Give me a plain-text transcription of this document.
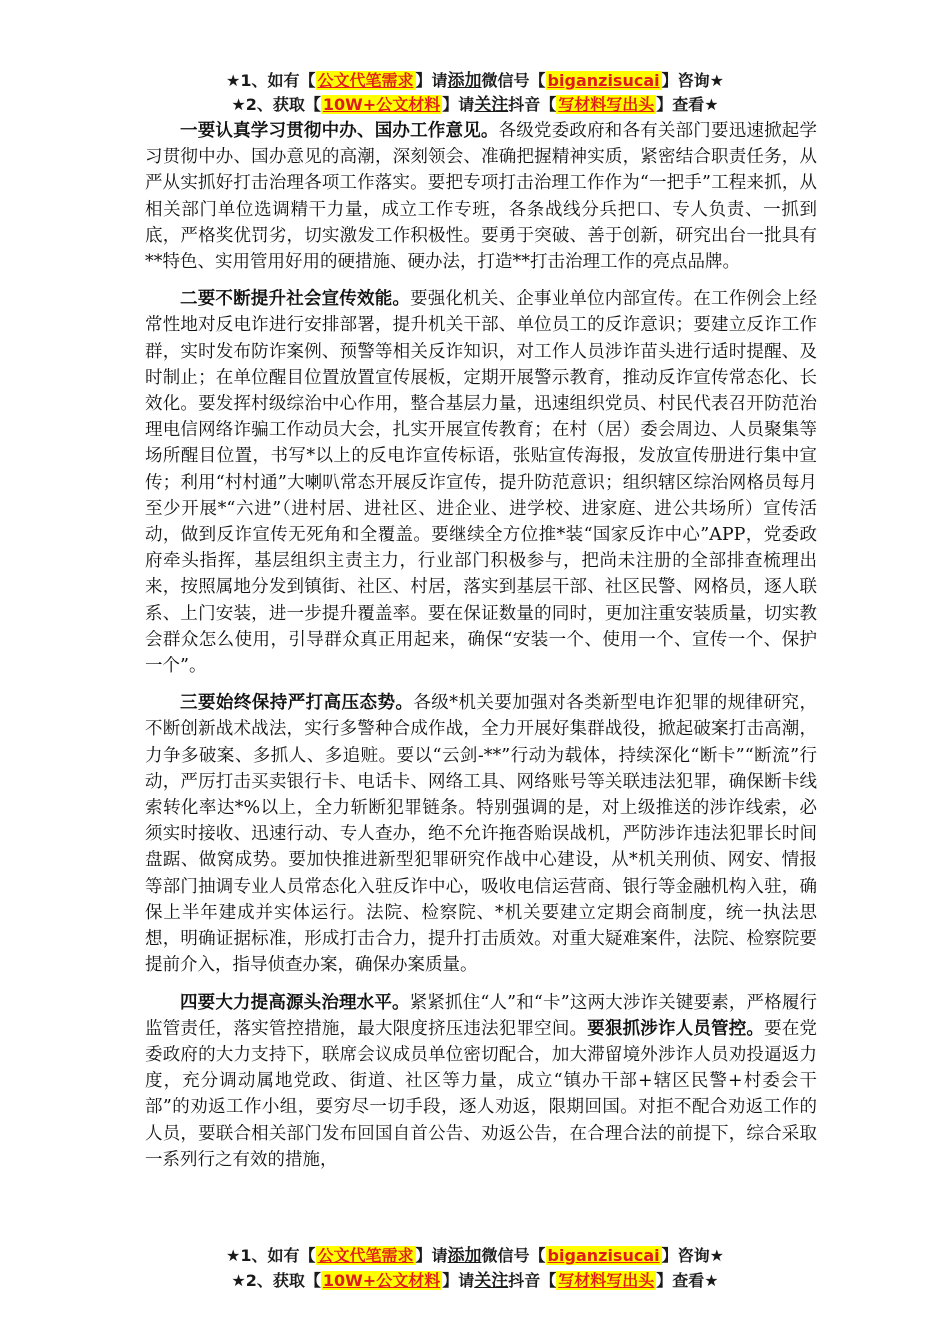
★1、如有【 公文代笔需求 】请添加微信号【 biganzisucai 】咨询★
★2、获取【 10W+公文材料 】请关注抖音【 写材料写出头 】查看★

一要认真学习贯彻中办、国办工作意见。各级党委政府和各有关部门要迅速掀起学习贯彻中办、国办意见的高潮，深刻领会、准确把握精神实质，紧密结合职责任务，从严从实抓好打击治理各项工作落实。要把专项打击治理工作作为“一把手”工程来抓，从相关部门单位选调精干力量，成立工作专班，各条战线分兵把口、专人负责、一抓到底，严格奖优罚劣，切实激发工作积极性。要勇于突破、善于创新，研究出台一批具有**特色、实用管用好用的硬措施、硬办法，打造**打击治理工作的亮点品牌。

二要不断提升社会宣传效能。要强化机关、企事业单位内部宣传。在工作例会上经常性地对反电诈进行安排部署，提升机关干部、单位员工的反诈意识；要建立反诈工作群，实时发布防诈案例、预警等相关反诈知识，对工作人员涉诈苗头进行适时提醒、及时制止；在单位醒目位置放置宣传展板，定期开展警示教育，推动反诈宣传常态化、长效化。要发挥村级综治中心作用，整合基层力量，迅速组织党员、村民代表召开防范治理电信网络诈骗工作动员大会，扎实开展宣传教育；在村（居）委会周边、人员聚集等场所醒目位置，书写*以上的反电诈宣传标语，张贴宣传海报，发放宣传册进行集中宣传；利用“村村通”大喇叭常态开展反诈宣传，提升防范意识；组织辖区综治网格员每月至少开展*“六进”（进村居、进社区、进企业、进学校、进家庭、进公共场所）宣传活动，做到反诈宣传无死角和全覆盖。要继续全方位推*装“国家反诈中心”APP，党委政府牵头指挥，基层组织主责主力，行业部门积极参与，把尚未注册的全部排查梳理出来，按照属地分发到镇街、社区、村居，落实到基层干部、社区民警、网格员，逐人联系、上门安装，进一步提升覆盖率。要在保证数量的同时，更加注重安装质量，切实教会群众怎么使用，引导群众真正用起来，确保“安装一个、使用一个、宣传一个、保护一个”。

三要始终保持严打高压态势。各级*机关要加强对各类新型电诈犯罪的规律研究，不断创新战术战法，实行多警种合成作战，全力开展好集群战役，掀起破案打击高潮，力争多破案、多抓人、多追赃。要以“云剑-**”行动为载体，持续深化“断卡”“断流”行动，严厉打击买卖银行卡、电话卡、网络工具、网络账号等关联违法犯罪，确保断卡线索转化率达*%以上，全力斩断犯罪链条。特别强调的是，对上级推送的涉诈线索，必须实时接收、迅速行动、专人查办，绝不允许拖沓贻误战机，严防涉诈违法犯罪长时间盘踞、做窝成势。要加快推进新型犯罪研究作战中心建设，从*机关刑侦、网安、情报等部门抽调专业人员常态化入驻反诈中心，吸收电信运营商、银行等金融机构入驻，确保上半年建成并实体运行。法院、检察院、*机关要建立定期会商制度，统一执法思想，明确证据标准，形成打击合力，提升打击质效。对重大疑难案件，法院、检察院要提前介入，指导侦查办案，确保办案质量。

四要大力提高源头治理水平。紧紧抓住“人”和“卡”这两大涉诈关键要素，严格履行监管责任，落实管控措施，最大限度挤压违法犯罪空间。要狠抓涉诈人员管控。要在党委政府的大力支持下，联席会议成员单位密切配合，加大滞留境外涉诈人员劝投逼返力度，充分调动属地党政、街道、社区等力量，成立“镇办干部+辖区民警+村委会干部”的劝返工作小组，要穷尽一切手段，逐人劝返，限期回国。对拒不配合劝返工作的人员，要联合相关部门发布回国自首公告、劝返公告，在合理合法的前提下，综合采取一系列行之有效的措施，

★1、如有【 公文代笔需求 】请添加微信号【 biganzisucai 】咨询★
★2、获取【 10W+公文材料 】请关注抖音【 写材料写出头 】查看★
